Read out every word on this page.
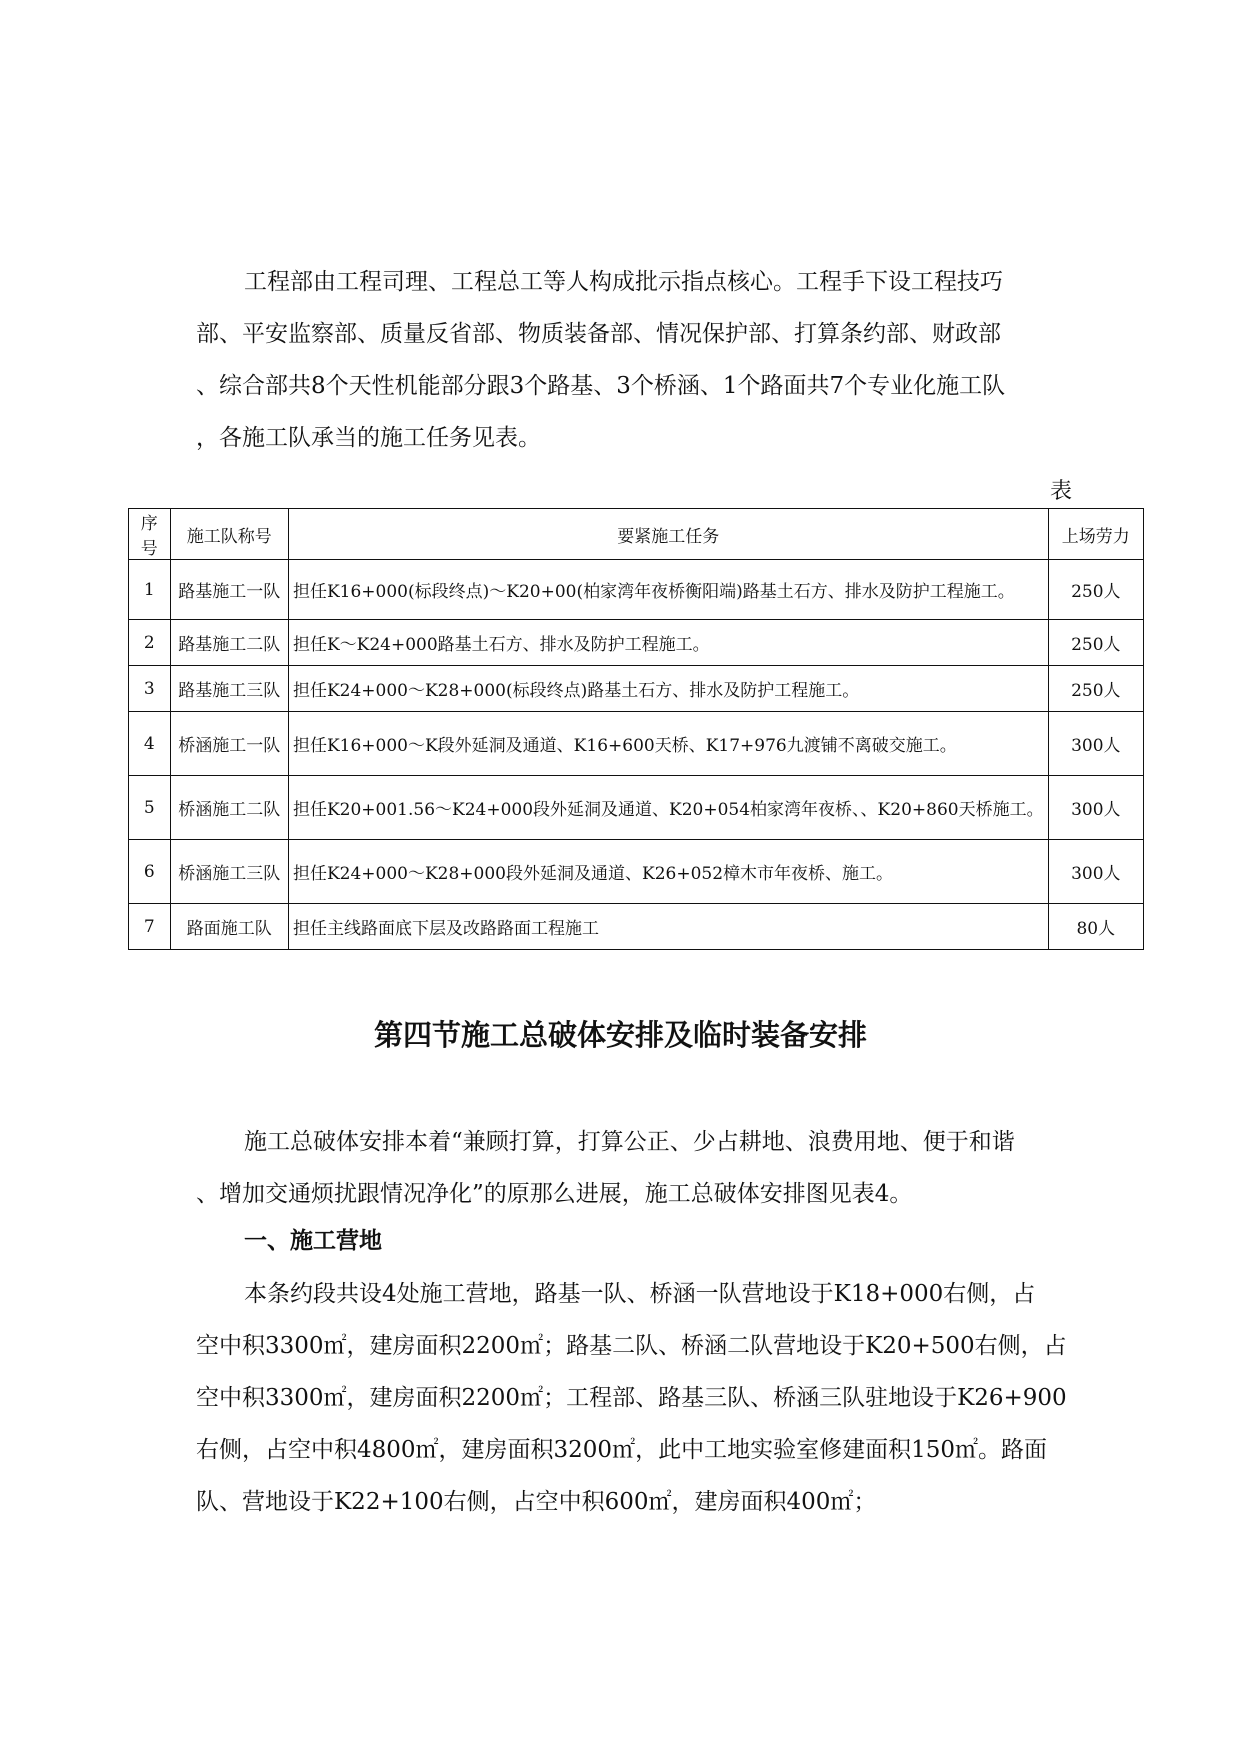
工程部由工程司理、工程总工等人构成批示指点核心。工程手下设工程技巧
部、平安监察部、质量反省部、物质装备部、情况保护部、打算条约部、财政部
、综合部共8个天性机能部分跟3个路基、3个桥涵、1个路面共7个专业化施工队
，各施工队承当的施工任务见表。
表
序号	施工队称号	要紧施工任务	上场劳力
1	路基施工一队	担任K16+000(标段终点)～K20+00(柏家湾年夜桥衡阳端)路基土石方、排水及防护工程施工。	250人
2	路基施工二队	担任K～K24+000路基土石方、排水及防护工程施工。	250人
3	路基施工三队	担任K24+000～K28+000(标段终点)路基土石方、排水及防护工程施工。	250人
4	桥涵施工一队	担任K16+000～K段外延洞及通道、K16+600天桥、K17+976九渡铺不离破交施工。	300人
5	桥涵施工二队	担任K20+001.56～K24+000段外延洞及通道、K20+054柏家湾年夜桥、、K20+860天桥施工。	300人
6	桥涵施工三队	担任K24+000～K28+000段外延洞及通道、K26+052樟木市年夜桥、施工。	300人
7	路面施工队	担任主线路面底下层及改路路面工程施工	80人
第四节施工总破体安排及临时装备安排
施工总破体安排本着“兼顾打算，打算公正、少占耕地、浪费用地、便于和谐
、增加交通烦扰跟情况净化”的原那么进展，施工总破体安排图见表4。
一、施工营地
本条约段共设4处施工营地，路基一队、桥涵一队营地设于K18+000右侧，占
空中积3300㎡，建房面积2200㎡；路基二队、桥涵二队营地设于K20+500右侧，占
空中积3300㎡，建房面积2200㎡；工程部、路基三队、桥涵三队驻地设于K26+900
右侧，占空中积4800㎡，建房面积3200㎡，此中工地实验室修建面积150㎡。路面
队、营地设于K22+100右侧，占空中积600㎡，建房面积400㎡；
